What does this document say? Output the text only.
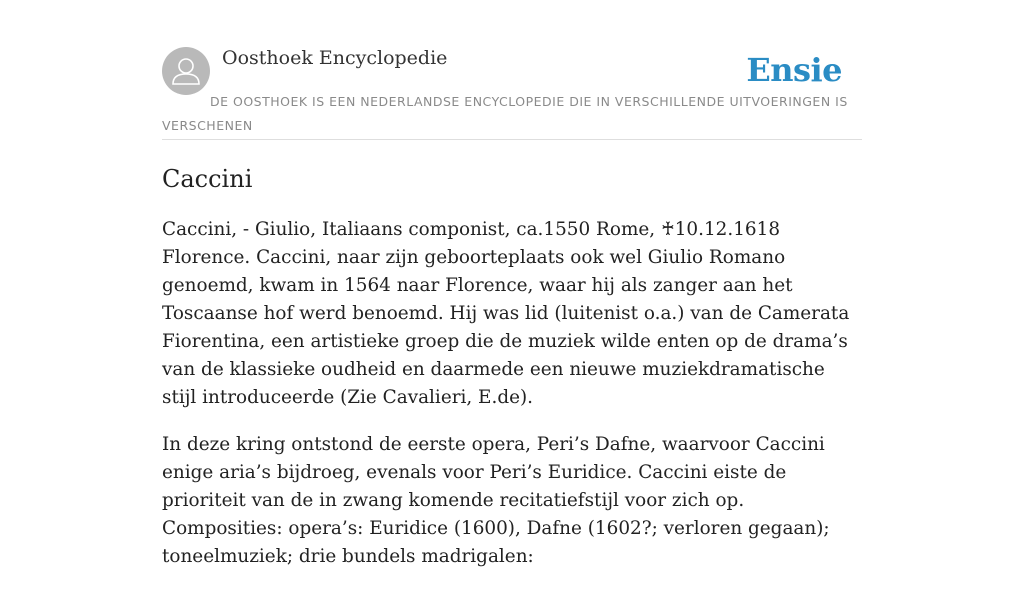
Oosthoek Encyclopedie	Ensie
DE OOSTHOEK IS EEN NEDERLANDSE ENCYCLOPEDIE DIE IN VERSCHILLENDE UITVOERINGEN IS VERSCHENEN
Caccini

Caccini, - Giulio, Italiaans componist, ca.1550 Rome, ♰10.12.1618 Florence. Caccini, naar zijn geboorteplaats ook wel Giulio Romano genoemd, kwam in 1564 naar Florence, waar hij als zanger aan het Toscaanse hof werd benoemd. Hij was lid (luitenist o.a.) van de Camerata Fiorentina, een artistieke groep die de muziek wilde enten op de drama’s van de klassieke oudheid en daarmede een nieuwe muziekdramatische stijl introduceerde (Zie Cavalieri, E.de).

In deze kring ontstond de eerste opera, Peri’s Dafne, waarvoor Caccini enige aria’s bijdroeg, evenals voor Peri’s Euridice. Caccini eiste de prioriteit van de in zwang komende recitatiefstijl voor zich op. Composities: opera’s: Euridice (1600), Dafne (1602?; verloren gegaan); toneelmuziek; drie bundels madrigalen:
